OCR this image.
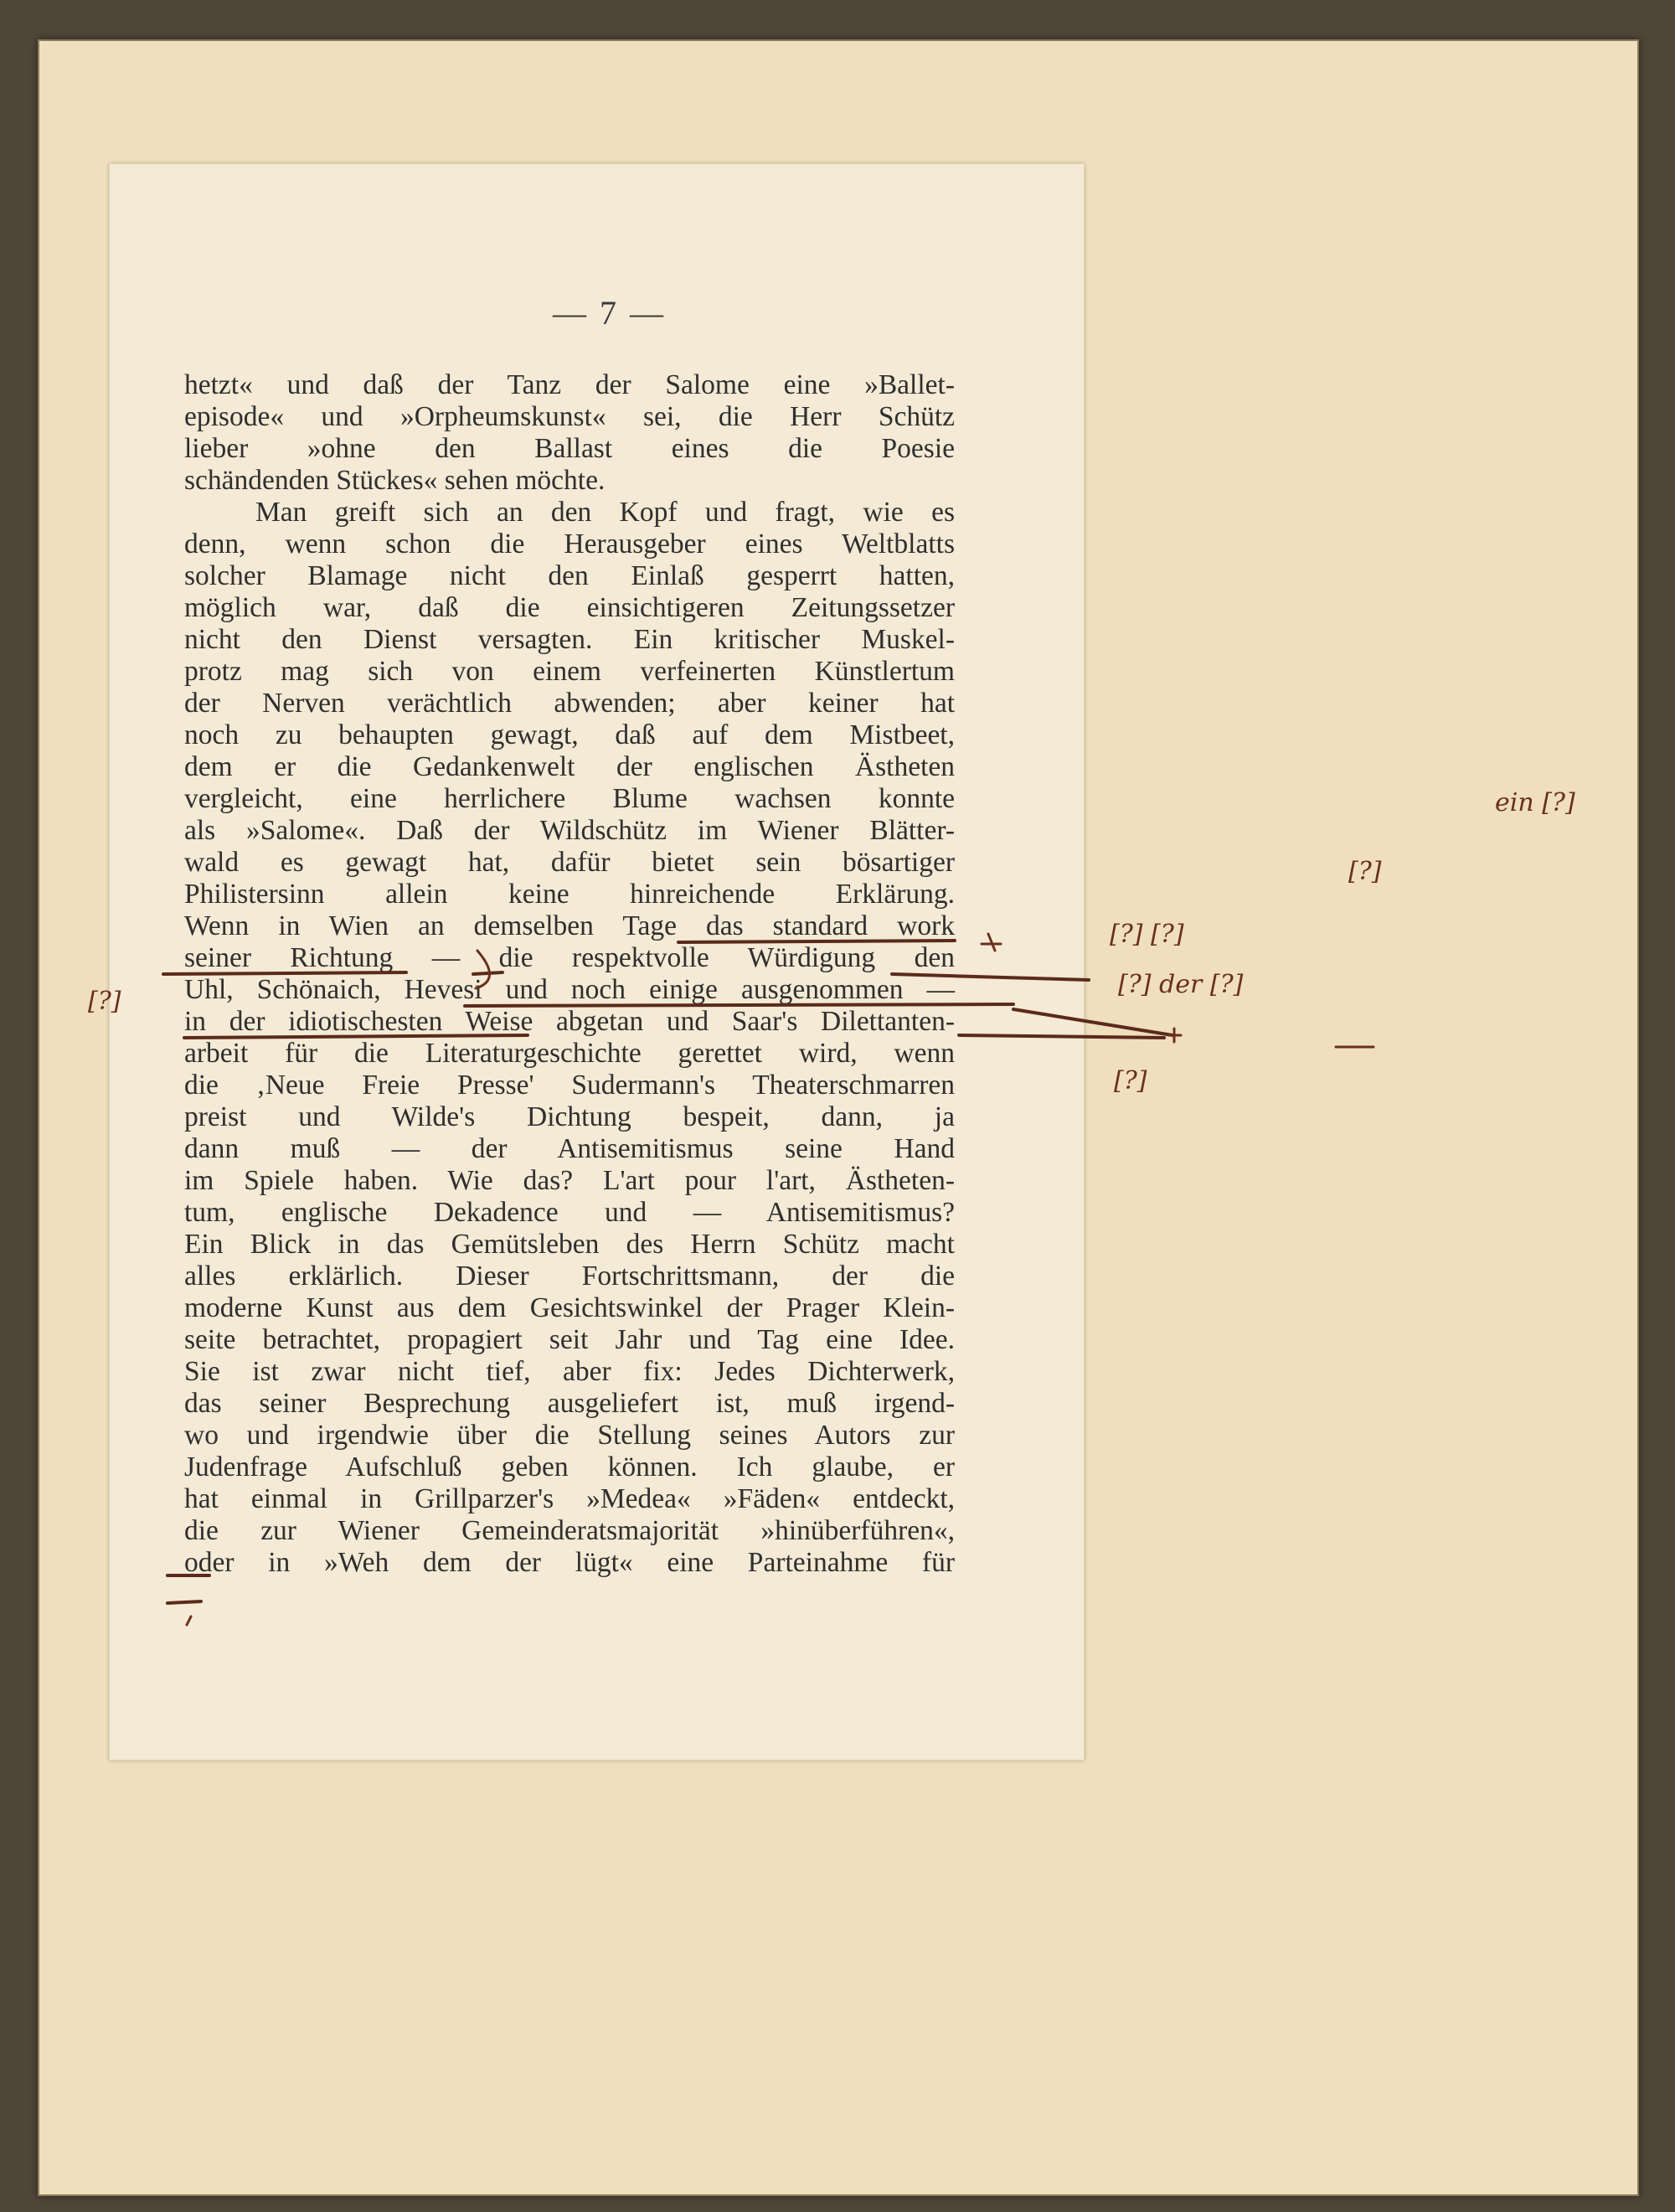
— 7 —
hetzt« und daß der Tanz der Salome eine »Ballet-
episode« und »Orpheumskunst« sei, die Herr Schütz
lieber »ohne den Ballast eines die Poesie
schändenden Stückes« sehen möchte.
Man greift sich an den Kopf und fragt, wie es
denn, wenn schon die Herausgeber eines Weltblatts
solcher Blamage nicht den Einlaß gesperrt hatten,
möglich war, daß die einsichtigeren Zeitungssetzer
nicht den Dienst versagten. Ein kritischer Muskel-
protz mag sich von einem verfeinerten Künstlertum
der Nerven verächtlich abwenden; aber keiner hat
noch zu behaupten gewagt, daß auf dem Mistbeet,
dem er die Gedankenwelt der englischen Ästheten
vergleicht, eine herrlichere Blume wachsen konnte
als »Salome«. Daß der Wildschütz im Wiener Blätter-
wald es gewagt hat, dafür bietet sein bösartiger
Philistersinn allein keine hinreichende Erklärung.
Wenn in Wien an demselben Tage das standard work
seiner Richtung — die respektvolle Würdigung den
Uhl, Schönaich, Hevesi und noch einige ausgenommen —
in der idiotischesten Weise abgetan und Saar's Dilettanten-
arbeit für die Literaturgeschichte gerettet wird, wenn
die ‚Neue Freie Presse' Sudermann's Theaterschmarren
preist und Wilde's Dichtung bespeit, dann, ja
dann muß — der Antisemitismus seine Hand
im Spiele haben. Wie das? L'art pour l'art, Ästheten-
tum, englische Dekadence und — Antisemitismus?
Ein Blick in das Gemütsleben des Herrn Schütz macht
alles erklärlich. Dieser Fortschrittsmann, der die
moderne Kunst aus dem Gesichtswinkel der Prager Klein-
seite betrachtet, propagiert seit Jahr und Tag eine Idee.
Sie ist zwar nicht tief, aber fix: Jedes Dichterwerk,
das seiner Besprechung ausgeliefert ist, muß irgend-
wo und irgendwie über die Stellung seines Autors zur
Judenfrage Aufschluß geben können. Ich glaube, er
hat einmal in Grillparzer's »Medea« »Fäden« entdeckt,
die zur Wiener Gemeinderatsmajorität »hinüberführen«,
oder in »Weh dem der lügt« eine Parteinahme für
ein [?]
[?]
[?] [?]
[?] der [?]
[?]
[?]
